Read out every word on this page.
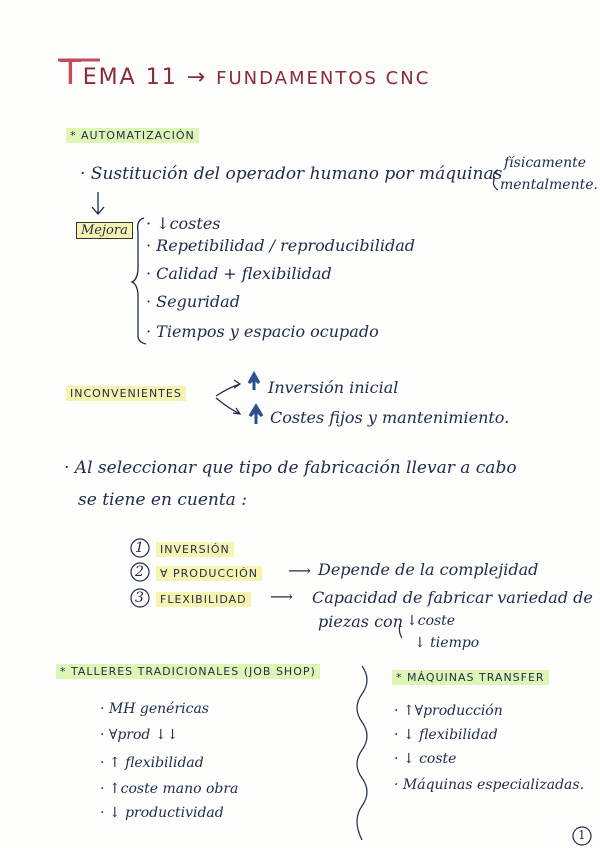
TEMA 11 → FUNDAMENTOS CNC
* AUTOMATIZACIÓN
· Sustitución del operador humano por máquinas
físicamente
mentalmente.
Mejora	· ↓costes
· Repetibilidad / reproducibilidad
· Calidad + flexibilidad
· Seguridad
· Tiempos y espacio ocupado
INCONVENIENTES	Inversión inicial
Costes fijos y mantenimiento.
· Al seleccionar que tipo de fabricación llevar a cabo
se tiene en cuenta :
1	INVERSIÓN
2	∀ PRODUCCIÓN ⟶ Depende de la complejidad
3	FLEXIBILIDAD ⟶ Capacidad de fabricar variedad de
piezas con ↓coste
↓ tiempo
* TALLERES TRADICIONALES (JOB SHOP)
· MH genéricas
· ∀prod ↓↓
· ↑ flexibilidad
· ↑coste mano obra
· ↓ productividad
* MÁQUINAS TRANSFER
· ↑∀producción
· ↓ flexibilidad
· ↓ coste
· Máquinas especializadas.
1
